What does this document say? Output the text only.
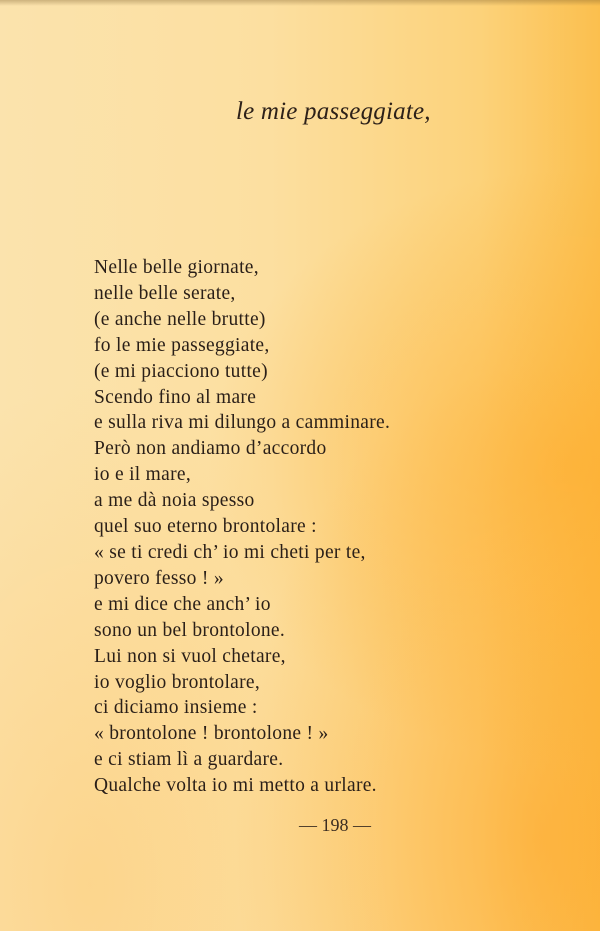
le mie passeggiate,
Nelle belle giornate,
nelle belle serate,
(e anche nelle brutte)
fo le mie passeggiate,
(e mi piacciono tutte)
Scendo fino al mare
e sulla riva mi dilungo a camminare.
Però non andiamo d’accordo
io e il mare,
a me dà noia spesso
quel suo eterno brontolare :
« se ti credi ch’ io mi cheti per te,
povero fesso ! »
e mi dice che anch’ io
sono un bel brontolone.
Lui non si vuol chetare,
io voglio brontolare,
ci diciamo insieme :
« brontolone ! brontolone ! »
e ci stiam lì a guardare.
Qualche volta io mi metto a urlare.
— 198 —
